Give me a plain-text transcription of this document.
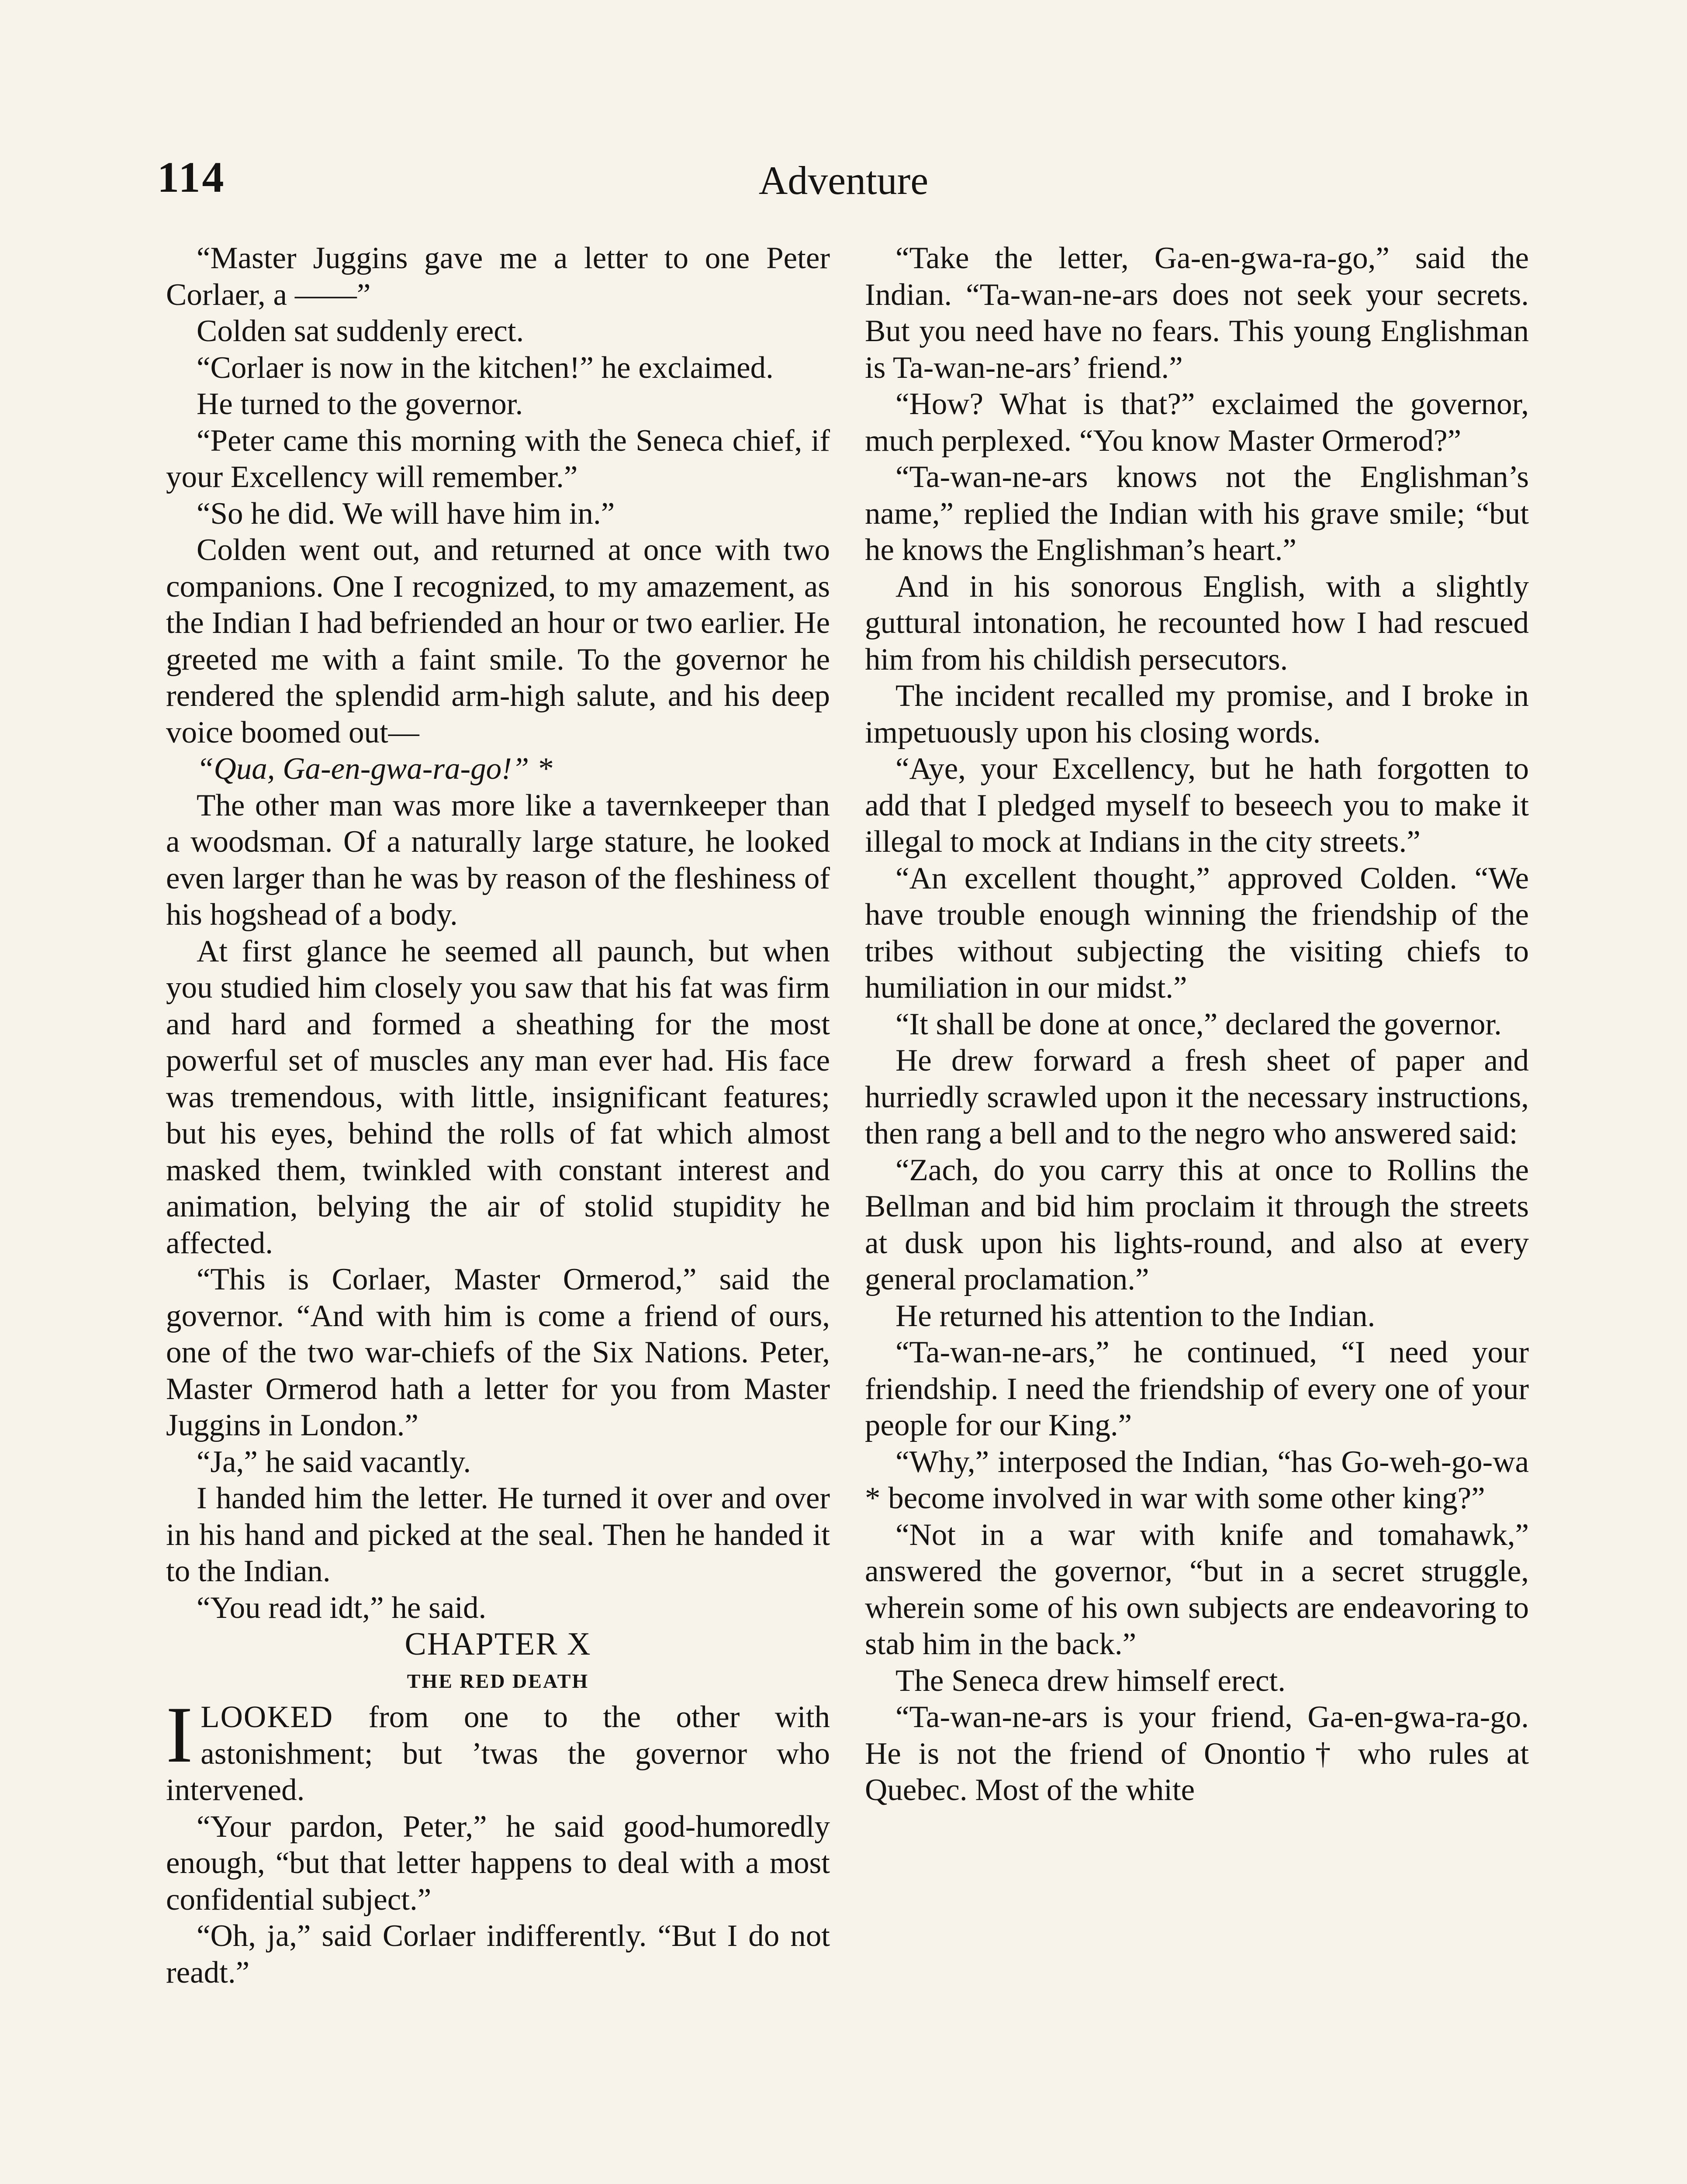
114	Adventure

“Master Juggins gave me a letter to one Peter Corlaer, a ——”

Colden sat suddenly erect.

“Corlaer is now in the kitchen!” he exclaimed.

He turned to the governor.

“Peter came this morning with the Seneca chief, if your Excellency will remember.”

“So he did. We will have him in.”

Colden went out, and returned at once with two companions. One I recognized, to my amazement, as the Indian I had befriended an hour or two earlier. He greeted me with a faint smile. To the governor he rendered the splendid arm-high salute, and his deep voice boomed out—

“Qua, Ga-en-gwa-ra-go!” *

The other man was more like a tavernkeeper than a woodsman. Of a naturally large stature, he looked even larger than he was by reason of the fleshiness of his hogshead of a body.

At first glance he seemed all paunch, but when you studied him closely you saw that his fat was firm and hard and formed a sheathing for the most powerful set of muscles any man ever had. His face was tremendous, with little, insignificant features; but his eyes, behind the rolls of fat which almost masked them, twinkled with constant interest and animation, belying the air of stolid stupidity he affected.

“This is Corlaer, Master Ormerod,” said the governor. “And with him is come a friend of ours, one of the two war-chiefs of the Six Nations. Peter, Master Ormerod hath a letter for you from Master Juggins in London.”

“Ja,” he said vacantly.

I handed him the letter. He turned it over and over in his hand and picked at the seal. Then he handed it to the Indian.

“You read idt,” he said.

CHAPTER X

THE RED DEATH

ILOOKED from one to the other with astonishment; but ’twas the governor who intervened.

“Your pardon, Peter,” he said good-humoredly enough, “but that letter happens to deal with a most confidential subject.”

“Oh, ja,” said Corlaer indifferently. “But I do not readt.”

“Take the letter, Ga-en-gwa-ra-go,” said the Indian. “Ta-wan-ne-ars does not seek your secrets. But you need have no fears. This young Englishman is Ta-wan-ne-ars’ friend.”

“How? What is that?” exclaimed the governor, much perplexed. “You know Master Ormerod?”

“Ta-wan-ne-ars knows not the Englishman’s name,” replied the Indian with his grave smile; “but he knows the Englishman’s heart.”

And in his sonorous English, with a slightly guttural intonation, he recounted how I had rescued him from his childish persecutors.

The incident recalled my promise, and I broke in impetuously upon his closing words.

“Aye, your Excellency, but he hath forgotten to add that I pledged myself to beseech you to make it illegal to mock at Indians in the city streets.”

“An excellent thought,” approved Colden. “We have trouble enough winning the friendship of the tribes without subjecting the visiting chiefs to humiliation in our midst.”

“It shall be done at once,” declared the governor.

He drew forward a fresh sheet of paper and hurriedly scrawled upon it the necessary instructions, then rang a bell and to the negro who answered said:

“Zach, do you carry this at once to Rollins the Bellman and bid him proclaim it through the streets at dusk upon his lights-round, and also at every general proclamation.”

He returned his attention to the Indian.

“Ta-wan-ne-ars,” he continued, “I need your friendship. I need the friendship of every one of your people for our King.”

“Why,” interposed the Indian, “has Go-weh-go-wa * become involved in war with some other king?”

“Not in a war with knife and tomahawk,” answered the governor, “but in a secret struggle, wherein some of his own subjects are endeavoring to stab him in the back.”

The Seneca drew himself erect.

“Ta-wan-ne-ars is your friend, Ga-en-gwa-ra-go. He is not the friend of Onontio† who rules at Quebec. Most of the white
